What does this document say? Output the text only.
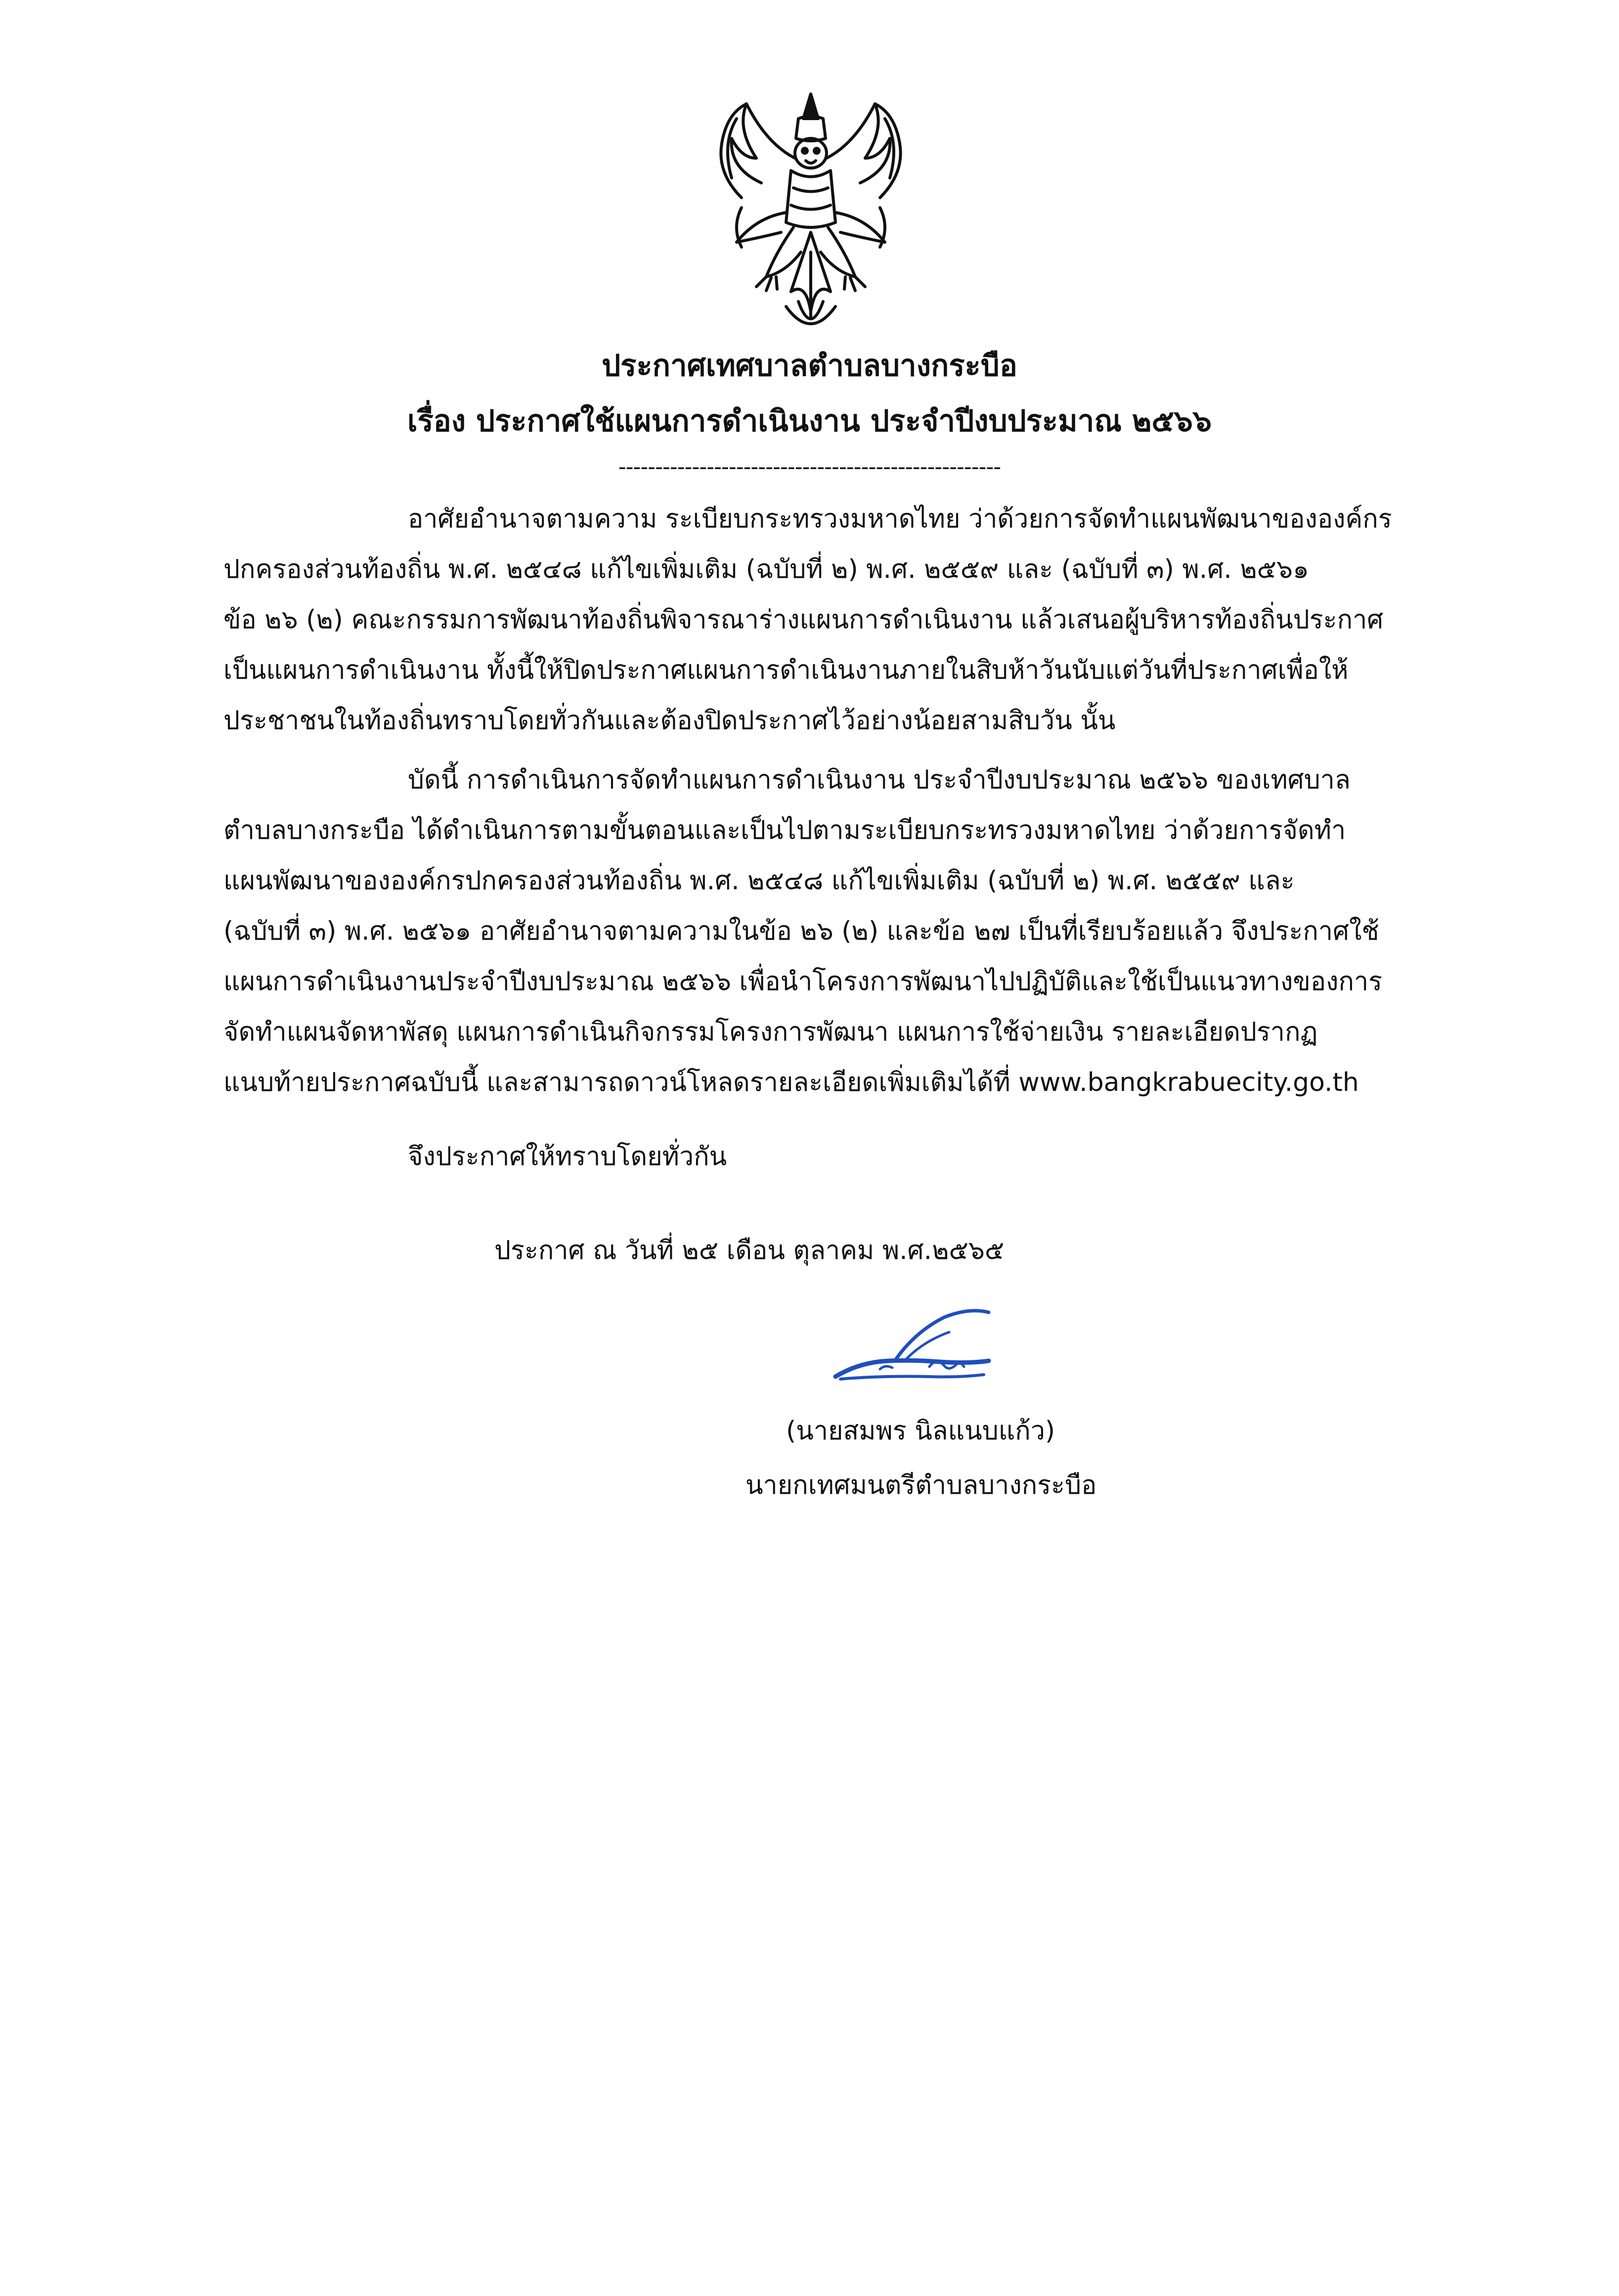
ประกาศเทศบาลตำบลบางกระบือ
เรื่อง ประกาศใช้แผนการดำเนินงาน ประจำปีงบประมาณ ๒๕๖๖
----------------------------------------------------
อาศัยอำนาจตามความ ระเบียบกระทรวงมหาดไทย ว่าด้วยการจัดทำแผนพัฒนาขององค์กร
ปกครองส่วนท้องถิ่น พ.ศ. ๒๕๔๘ แก้ไขเพิ่มเติม (ฉบับที่ ๒) พ.ศ. ๒๕๕๙ และ (ฉบับที่ ๓) พ.ศ. ๒๕๖๑
ข้อ ๒๖ (๒) คณะกรรมการพัฒนาท้องถิ่นพิจารณาร่างแผนการดำเนินงาน แล้วเสนอผู้บริหารท้องถิ่นประกาศ
เป็นแผนการดำเนินงาน ทั้งนี้ให้ปิดประกาศแผนการดำเนินงานภายในสิบห้าวันนับแต่วันที่ประกาศเพื่อให้
ประชาชนในท้องถิ่นทราบโดยทั่วกันและต้องปิดประกาศไว้อย่างน้อยสามสิบวัน นั้น
บัดนี้ การดำเนินการจัดทำแผนการดำเนินงาน ประจำปีงบประมาณ ๒๕๖๖ ของเทศบาล
ตำบลบางกระบือ ได้ดำเนินการตามขั้นตอนและเป็นไปตามระเบียบกระทรวงมหาดไทย ว่าด้วยการจัดทำ
แผนพัฒนาขององค์กรปกครองส่วนท้องถิ่น พ.ศ. ๒๕๔๘ แก้ไขเพิ่มเติม (ฉบับที่ ๒) พ.ศ. ๒๕๕๙ และ
(ฉบับที่ ๓) พ.ศ. ๒๕๖๑ อาศัยอำนาจตามความในข้อ ๒๖ (๒) และข้อ ๒๗ เป็นที่เรียบร้อยแล้ว จึงประกาศใช้
แผนการดำเนินงานประจำปีงบประมาณ ๒๕๖๖ เพื่อนำโครงการพัฒนาไปปฏิบัติและใช้เป็นแนวทางของการ
จัดทำแผนจัดหาพัสดุ แผนการดำเนินกิจกรรมโครงการพัฒนา แผนการใช้จ่ายเงิน รายละเอียดปรากฏ
แนบท้ายประกาศฉบับนี้ และสามารถดาวน์โหลดรายละเอียดเพิ่มเติมได้ที่ www.bangkrabuecity.go.th
จึงประกาศให้ทราบโดยทั่วกัน
ประกาศ ณ วันที่ ๒๕ เดือน ตุลาคม พ.ศ.๒๕๖๕
(นายสมพร นิลแนบแก้ว)
นายกเทศมนตรีตำบลบางกระบือ
